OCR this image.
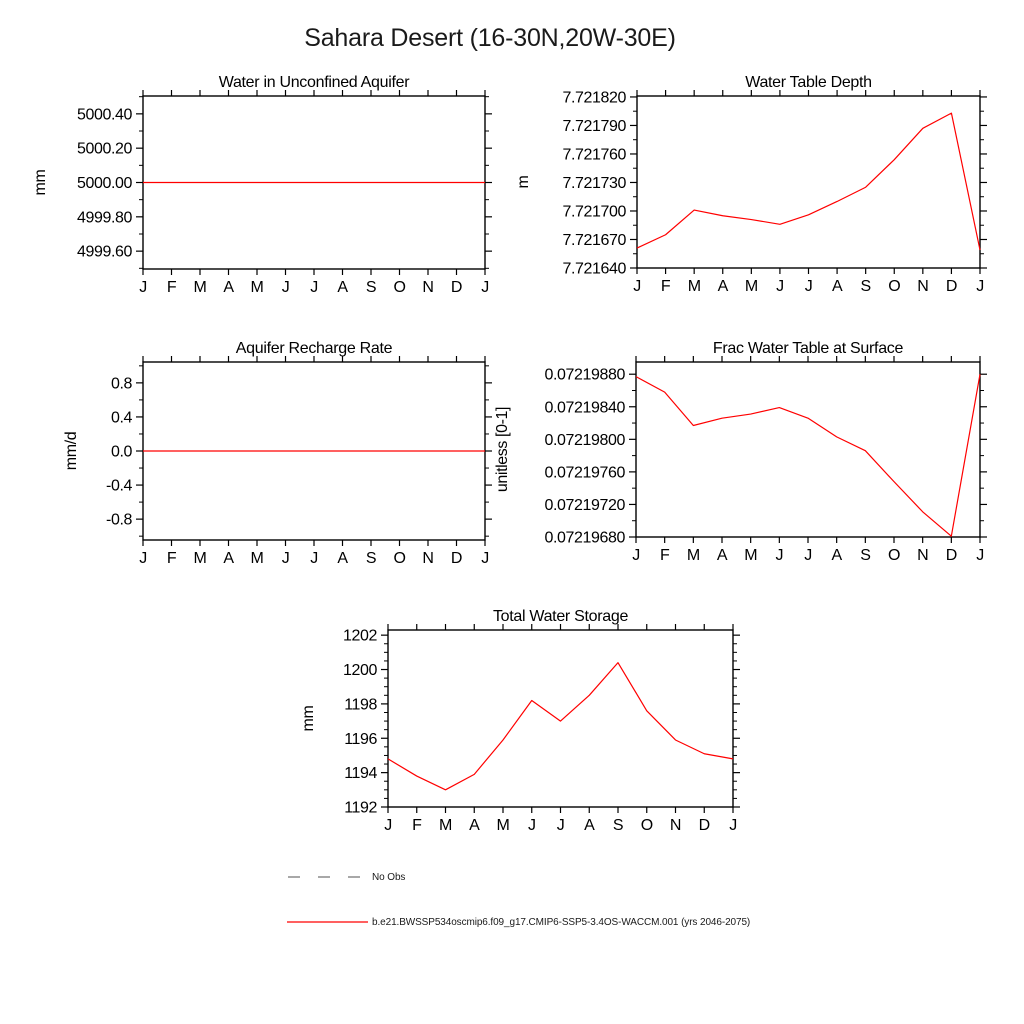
Sahara Desert (16-30N,20W-30E)
J F M A M J J A S O N D J
4999.60
4999.80
5000.00
5000.20
5000.40
Water in Unconfined Aquifer
mm
J F M A M J J A S O N D J
7.721640
7.721670
7.721700
7.721730
7.721760
7.721790
7.721820
Water Table Depth
m
J F M A M J J A S O N D J
-0.8
-0.4
0.0
0.4
0.8
Aquifer Recharge Rate
mm/d
J F M A M J J A S O N D J
0.07219680
0.07219720
0.07219760
0.07219800
0.07219840
0.07219880
Frac Water Table at Surface
unitless [0-1]
J F M A M J J A S O N D J
1192
1194
1196
1198
1200
1202
Total Water Storage
mm
No Obs
b.e21.BWSSP534oscmip6.f09_g17.CMIP6-SSP5-3.4OS-WACCM.001 (yrs 2046-2075)
